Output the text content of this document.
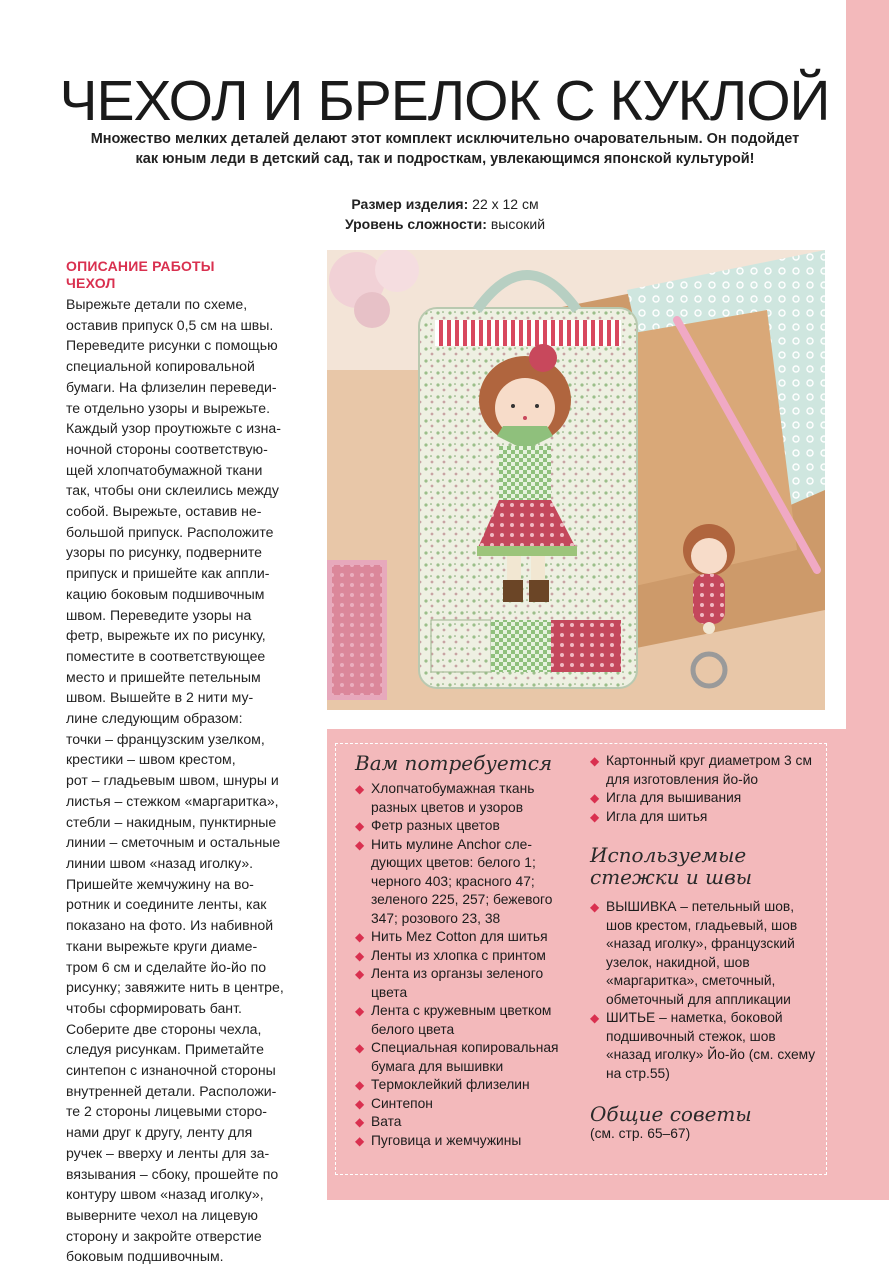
ЧЕХОЛ И БРЕЛОК С КУКЛОЙ
Множество мелких деталей делают этот комплект исключительно очаровательным. Он подойдет как юным леди в детский сад, так и подросткам, увлекающимся японской культурой!
Размер изделия: 22 х 12 см
Уровень сложности: высокий
ОПИСАНИЕ РАБОТЫ
ЧЕХОЛ
Вырежьте детали по схеме,
оставив припуск 0,5 см на швы.
Переведите рисунки с помощью
специальной копировальной
бумаги. На флизелин переведи-
те отдельно узоры и вырежьте.
Каждый узор проутюжьте с изна-
ночной стороны соответствую-
щей хлопчатобумажной ткани
так, чтобы они склеились между
собой. Вырежьте, оставив не-
большой припуск. Расположите
узоры по рисунку, подверните
припуск и пришейте как аппли-
кацию боковым подшивочным
швом. Переведите узоры на
фетр, вырежьте их по рисунку,
поместите в соответствующее
место и пришейте петельным
швом. Вышейте в 2 нити му-
лине следующим образом:
точки – французским узелком,
крестики – швом крестом,
рот – гладьевым швом, шнуры и
листья – стежком «маргаритка»,
стебли – накидным, пунктирные
линии – сметочным и остальные
линии швом «назад иголку».
Пришейте жемчужину на во-
ротник и соедините ленты, как
показано на фото. Из набивной
ткани вырежьте круги диаме-
тром 6 см и сделайте йо-йо по
рисунку; завяжите нить в центре,
чтобы сформировать бант.
Соберите две стороны чехла,
следуя рисункам. Приметайте
синтепон с изнаночной стороны
внутренней детали. Расположи-
те 2 стороны лицевыми сторо-
нами друг к другу, ленту для
ручек – вверху и ленты для за-
вязывания – сбоку, прошейте по
контуру швом «назад иголку»,
выверните чехол на лицевую
сторону и закройте отверстие
боковым подшивочным.
Вам потребуется
◆ Хлопчатобумажная ткань разных цветов и узоров
◆ Фетр разных цветов
◆ Нить мулине Anchor следующих цветов: белого 1; черного 403; красного 47; зеленого 225, 257; бежевого 347; розового 23, 38
◆ Нить Mez Cotton для шитья
◆ Ленты из хлопка с принтом
◆ Лента из органзы зеленого цвета
◆ Лента с кружевным цветком белого цвета
◆ Специальная копировальная бумага для вышивки
◆ Термоклейкий флизелин
◆ Синтепон
◆ Вата
◆ Пуговица и жемчужины
◆ Картонный круг диаметром 3 см для изготовления йо-йо
◆ Игла для вышивания
◆ Игла для шитья
Используемые стежки и швы
◆ ВЫШИВКА – петельный шов, шов крестом, гладьевый, шов «назад иголку», французский узелок, накидной, шов «маргаритка», сметочный, обметочный для аппликации
◆ ШИТЬЕ – наметка, боковой подшивочный стежок, шов «назад иголку» Йо-йо (см. схему на стр.55)
Общие советы
(см. стр. 65–67)
